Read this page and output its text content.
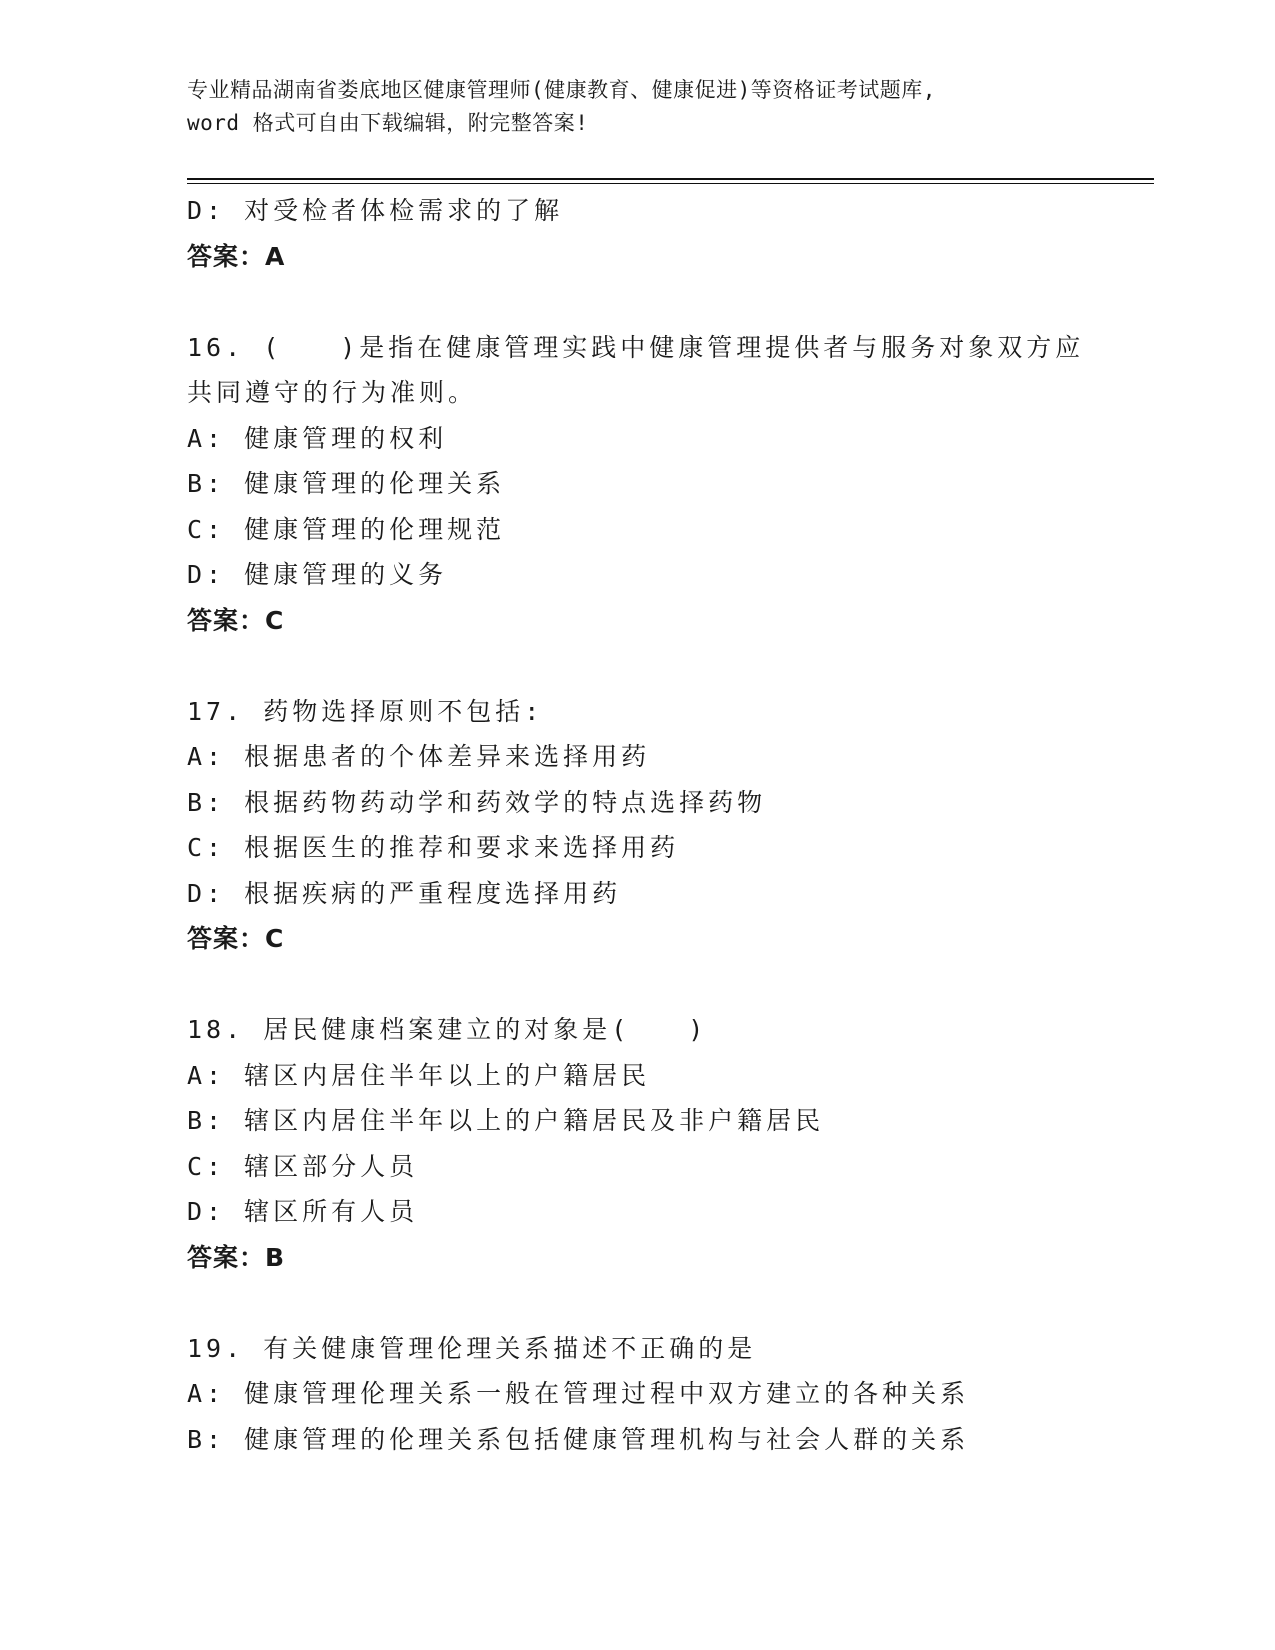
专业精品湖南省娄底地区健康管理师(健康教育、健康促进)等资格证考试题库,
word 格式可自由下载编辑，附完整答案!
D: 对受检者体检需求的了解
答案：A
16. (　　)是指在健康管理实践中健康管理提供者与服务对象双方应
共同遵守的行为准则。
A: 健康管理的权利
B: 健康管理的伦理关系
C: 健康管理的伦理规范
D: 健康管理的义务
答案：C
17. 药物选择原则不包括:
A: 根据患者的个体差异来选择用药
B: 根据药物药动学和药效学的特点选择药物
C: 根据医生的推荐和要求来选择用药
D: 根据疾病的严重程度选择用药
答案：C
18. 居民健康档案建立的对象是(　　)
A: 辖区内居住半年以上的户籍居民
B: 辖区内居住半年以上的户籍居民及非户籍居民
C: 辖区部分人员
D: 辖区所有人员
答案：B
19. 有关健康管理伦理关系描述不正确的是
A: 健康管理伦理关系一般在管理过程中双方建立的各种关系
B: 健康管理的伦理关系包括健康管理机构与社会人群的关系
